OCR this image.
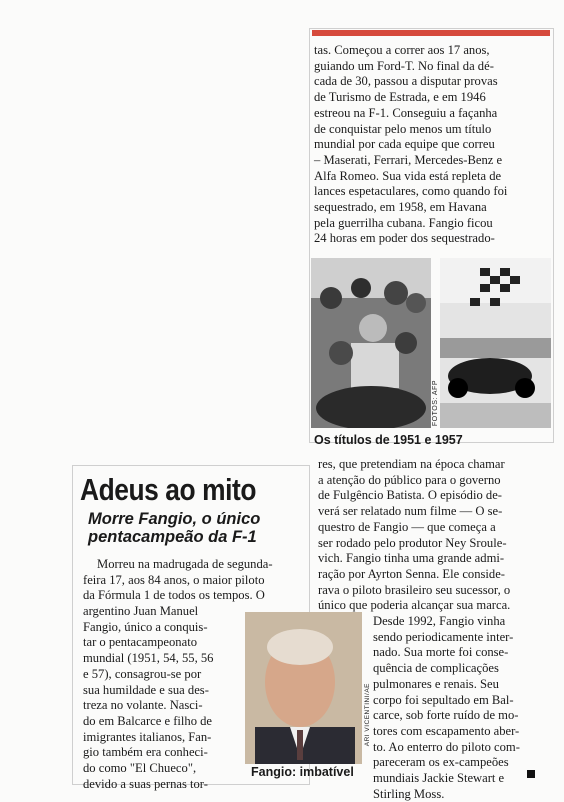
tas. Começou a correr aos 17 anos,
guiando um Ford-T. No final da dé-
cada de 30, passou a disputar provas
de Turismo de Estrada, e em 1946
estreou na F-1. Conseguiu a façanha
de conquistar pelo menos um título
mundial por cada equipe que correu
– Maserati, Ferrari, Mercedes-Benz e
Alfa Romeo. Sua vida está repleta de
lances espetaculares, como quando foi
sequestrado, em 1958, em Havana
pela guerrilha cubana. Fangio ficou
24 horas em poder dos sequestrado-
FOTOS: AFP
Os títulos de 1951 e 1957
Adeus ao mito
Morre Fangio, o único
pentacampeão da F-1
Morreu na madrugada de segunda-
feira 17, aos 84 anos, o maior piloto
da Fórmula 1 de todos os tempos. O
argentino Juan Manuel
Fangio, único a conquis-
tar o pentacampeonato
mundial (1951, 54, 55, 56
e 57), consagrou-se por
sua humildade e sua des-
treza no volante. Nasci-
do em Balcarce e filho de
imigrantes italianos, Fan-
gio também era conheci-
do como "El Chueco",
devido a suas pernas tor-
ARI VICENTINI/AE
Fangio: imbatível
res, que pretendiam na época chamar
a atenção do público para o governo
de Fulgêncio Batista. O episódio de-
verá ser relatado num filme — O se-
questro de Fangio — que começa a
ser rodado pelo produtor Ney Sroule-
vich. Fangio tinha uma grande admi-
ração por Ayrton Senna. Ele conside-
rava o piloto brasileiro seu sucessor, o
único que poderia alcançar sua marca.
Desde 1992, Fangio vinha
sendo periodicamente inter-
nado. Sua morte foi conse-
quência de complicações
pulmonares e renais. Seu
corpo foi sepultado em Bal-
carce, sob forte ruído de mo-
tores com escapamento aber-
to. Ao enterro do piloto com-
pareceram os ex-campeões
mundiais Jackie Stewart e
Stirling Moss.
